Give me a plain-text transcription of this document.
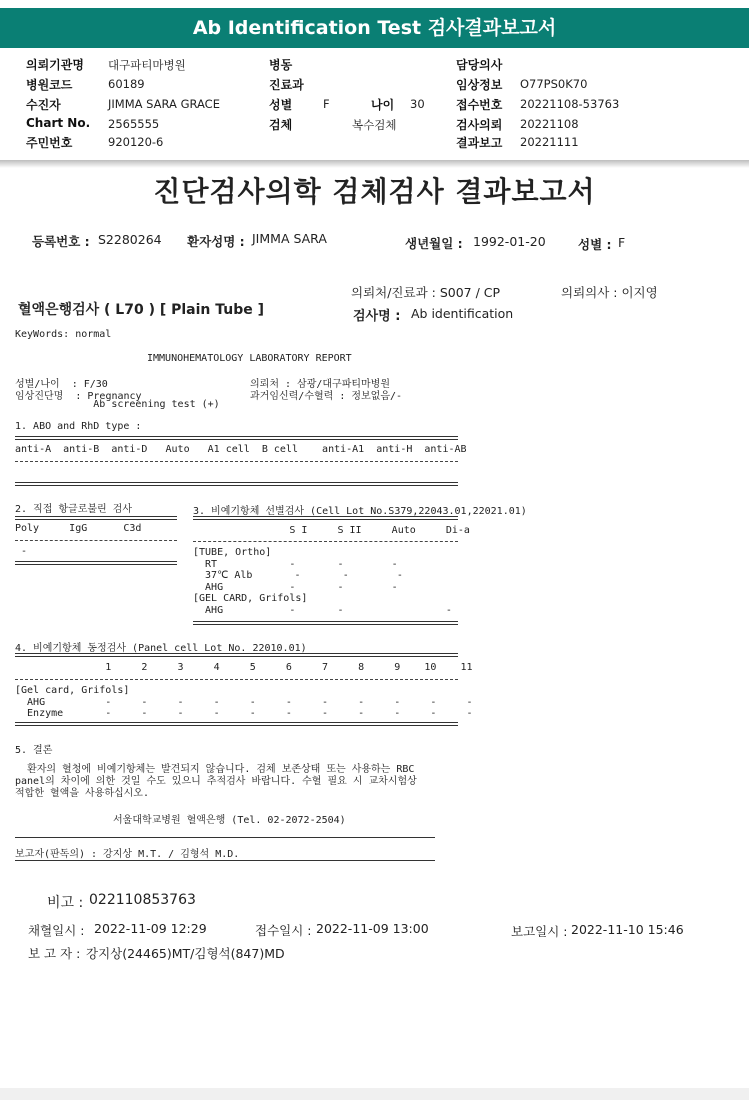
Ab Identification Test 검사결과보고서
의뢰기관명 대구파티마병원
병원코드	60189
수진자	JIMMA SARA GRACE
Chart No. 2565555
주민번호	920120-6
병동
진료과
성별	F	나이 30
검체	복수검체
담당의사
임상정보 O77PS0K70
접수번호 20221108-53763
검사의뢰 20221108
결과보고 20221111
진단검사의학 검체검사 결과보고서
등록번호 : S2280264 환자성명 : JIMMA SARA	생년월일 : 1992-01-20	성별 : F
의뢰처/진료과 : S007 / CP	의뢰의사 : 이지영
혈액은행검사 ( L70 ) [ Plain Tube ]	검사명 : Ab identification
KeyWords: normal
IMMUNOHEMATOLOGY LABORATORY REPORT
성별/나이  : F/30
임상진단명  : Pregnancy
Ab screening test (+)
의뢰처 : 삼광/대구파티마병원
과거임신력/수혈력 : 정보없음/-
1. ABO and RhD type :
anti-A  anti-B  anti-D   Auto   A1 cell  B cell    anti-A1  anti-H  anti-AB
2. 직접 항글로불린 검사
Poly     IgG      C3d
-
3. 비예기항체 선별검사 (Cell Lot No.S379,22043.01,22021.01)
S I     S II     Auto     Di-a
[TUBE, Ortho]
RT            -       -        -
37℃ Alb       -       -        -
AHG           -       -        -
[GEL CARD, Grifols]
AHG           -       -                 -
4. 비예기항체 동정검사 (Panel cell Lot No. 22010.01)
1     2     3     4     5     6     7     8     9    10    11
[Gel card, Grifols]
AHG          -     -     -     -     -     -     -     -     -     -     -
Enzyme       -     -     -     -     -     -     -     -     -     -     -
5. 결론
환자의 혈청에 비예기항체는 발견되지 않습니다. 검체 보존상태 또는 사용하는 RBC
panel의 차이에 의한 것일 수도 있으니 추적검사 바랍니다. 수혈 필요 시 교차시험상
적합한 혈액을 사용하십시오.
서울대학교병원 혈액은행 (Tel. 02-2072-2504)
보고자(판독의) : 강지상 M.T. / 김형석 M.D.
비고 : 022110853763
채혈일시 : 2022-11-09 12:29	접수일시 : 2022-11-09 13:00	보고일시 : 2022-11-10 15:46
보 고 자 : 강지상(24465)MT/김형석(847)MD
